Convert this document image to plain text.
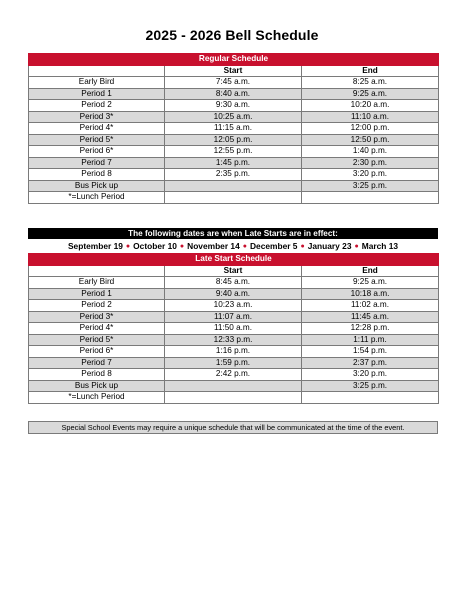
2025 - 2026 Bell Schedule
Regular Schedule		
	Start	End
Early Bird	7:45 a.m.	8:25 a.m.
Period 1	8:40 a.m.	9:25 a.m.
Period 2	9:30 a.m.	10:20 a.m.
Period 3*	10:25 a.m.	11:10 a.m.
Period 4*	11:15 a.m.	12:00 p.m.
Period 5*	12:05 p.m.	12:50 p.m.
Period 6*	12:55 p.m.	1:40 p.m.
Period 7	1:45 p.m.	2:30 p.m.
Period 8	2:35 p.m.	3:20 p.m.
Bus Pick up		3:25 p.m.
*=Lunch Period		
The following dates are when Late Starts are in effect:
September 19 ● October 10 ● November 14 ● December 5 ● January 23 ● March 13
Late Start Schedule		
	Start	End
Early Bird	8:45 a.m.	9:25 a.m.
Period 1	9:40 a.m.	10:18 a.m.
Period 2	10:23 a.m.	11:02 a.m.
Period 3*	11:07 a.m.	11:45 a.m.
Period 4*	11:50 a.m.	12:28 p.m.
Period 5*	12:33 p.m.	1:11 p.m.
Period 6*	1:16 p.m.	1:54 p.m.
Period 7	1:59 p.m.	2:37 p.m.
Period 8	2:42 p.m.	3:20 p.m.
Bus Pick up		3:25 p.m.
*=Lunch Period		
Special School Events may require a unique schedule that will be communicated at the time of the event.
